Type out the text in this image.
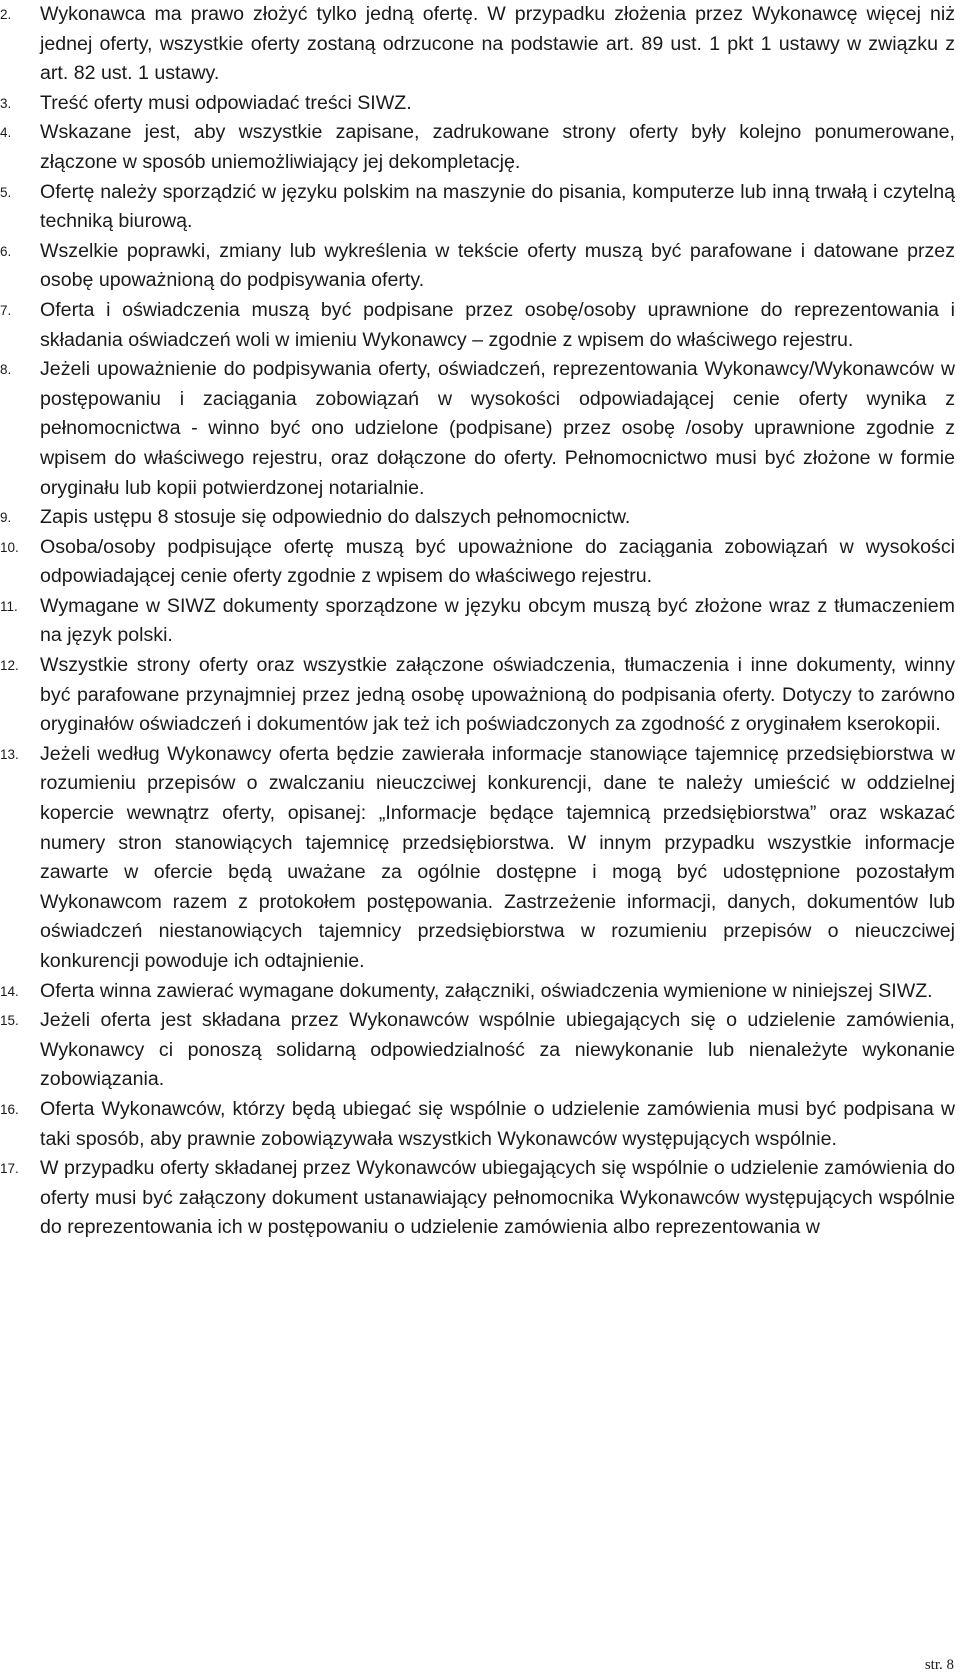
2. Wykonawca ma prawo złożyć tylko jedną ofertę. W przypadku złożenia przez Wykonawcę więcej niż jednej oferty, wszystkie oferty zostaną odrzucone na podstawie art. 89 ust. 1 pkt 1 ustawy w związku z art. 82 ust. 1 ustawy.
3. Treść oferty musi odpowiadać treści SIWZ.
4. Wskazane jest, aby wszystkie zapisane, zadrukowane strony oferty były kolejno ponumerowane, złączone w sposób uniemożliwiający jej dekompletację.
5. Ofertę należy sporządzić w języku polskim na maszynie do pisania, komputerze lub inną trwałą i czytelną techniką biurową.
6. Wszelkie poprawki, zmiany lub wykreślenia w tekście oferty muszą być parafowane i datowane przez osobę upoważnioną do podpisywania oferty.
7. Oferta i oświadczenia muszą być podpisane przez osobę/osoby uprawnione do reprezentowania i składania oświadczeń woli w imieniu Wykonawcy – zgodnie z wpisem do właściwego rejestru.
8. Jeżeli upoważnienie do podpisywania oferty, oświadczeń, reprezentowania Wykonawcy/Wykonawców w postępowaniu i zaciągania zobowiązań w wysokości odpowiadającej cenie oferty wynika z pełnomocnictwa - winno być ono udzielone (podpisane) przez osobę /osoby uprawnione zgodnie z wpisem do właściwego rejestru, oraz dołączone do oferty. Pełnomocnictwo musi być złożone w formie oryginału lub kopii potwierdzonej notarialnie.
9. Zapis ustępu 8 stosuje się odpowiednio do dalszych pełnomocnictw.
10. Osoba/osoby podpisujące ofertę muszą być upoważnione do zaciągania zobowiązań w wysokości odpowiadającej cenie oferty zgodnie z wpisem do właściwego rejestru.
11. Wymagane w SIWZ dokumenty sporządzone w języku obcym muszą być złożone wraz z tłumaczeniem na język polski.
12. Wszystkie strony oferty oraz wszystkie załączone oświadczenia, tłumaczenia i inne dokumenty, winny być parafowane przynajmniej przez jedną osobę upoważnioną do podpisania oferty. Dotyczy to zarówno oryginałów oświadczeń i dokumentów jak też ich poświadczonych za zgodność z oryginałem kserokopii.
13. Jeżeli według Wykonawcy oferta będzie zawierała informacje stanowiące tajemnicę przedsiębiorstwa w rozumieniu przepisów o zwalczaniu nieuczciwej konkurencji, dane te należy umieścić w oddzielnej kopercie wewnątrz oferty, opisanej: „Informacje będące tajemnicą przedsiębiorstwa” oraz wskazać numery stron stanowiących tajemnicę przedsiębiorstwa. W innym przypadku wszystkie informacje zawarte w ofercie będą uważane za ogólnie dostępne i mogą być udostępnione pozostałym Wykonawcom razem z protokołem postępowania. Zastrzeżenie informacji, danych, dokumentów lub oświadczeń niestanowiących tajemnicy przedsiębiorstwa w rozumieniu przepisów o nieuczciwej konkurencji powoduje ich odtajnienie.
14. Oferta winna zawierać wymagane dokumenty, załączniki, oświadczenia wymienione w niniejszej SIWZ.
15. Jeżeli oferta jest składana przez Wykonawców wspólnie ubiegających się o udzielenie zamówienia, Wykonawcy ci ponoszą solidarną odpowiedzialność za niewykonanie lub nienależyte wykonanie zobowiązania.
16. Oferta Wykonawców, którzy będą ubiegać się wspólnie o udzielenie zamówienia musi być podpisana w taki sposób, aby prawnie zobowiązywała wszystkich Wykonawców występujących wspólnie.
17. W przypadku oferty składanej przez Wykonawców ubiegających się wspólnie o udzielenie zamówienia do oferty musi być załączony dokument ustanawiający pełnomocnika Wykonawców występujących wspólnie do reprezentowania ich w postępowaniu o udzielenie zamówienia albo reprezentowania w
str. 8
